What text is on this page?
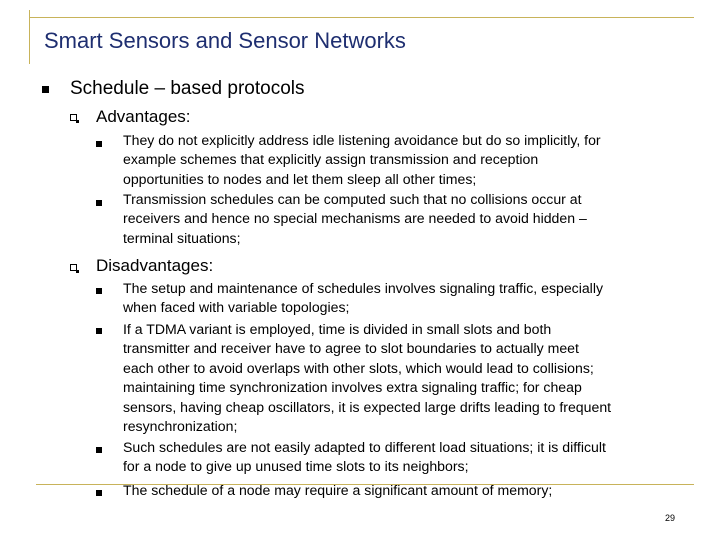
Smart Sensors and Sensor Networks
Schedule – based protocols
Advantages:
They do not explicitly address idle listening avoidance but do so implicitly, for
example schemes that explicitly assign transmission and reception
opportunities to nodes and let them sleep all other times;
Transmission schedules can be computed such that no collisions occur at
receivers and hence no special mechanisms are needed to avoid hidden –
terminal situations;
Disadvantages:
The setup and maintenance of schedules involves signaling traffic, especially
when faced with variable topologies;
If a TDMA variant is employed, time is divided in small slots and both
transmitter and receiver have to agree to slot boundaries to actually meet
each other to avoid overlaps with other slots, which would lead to collisions;
maintaining time synchronization involves extra signaling traffic; for cheap
sensors, having cheap oscillators, it is expected large drifts leading to frequent
resynchronization;
Such schedules are not easily adapted to different load situations; it is difficult
for a node to give up unused time slots to its neighbors;
The schedule of a node may require a significant amount of memory;
29
